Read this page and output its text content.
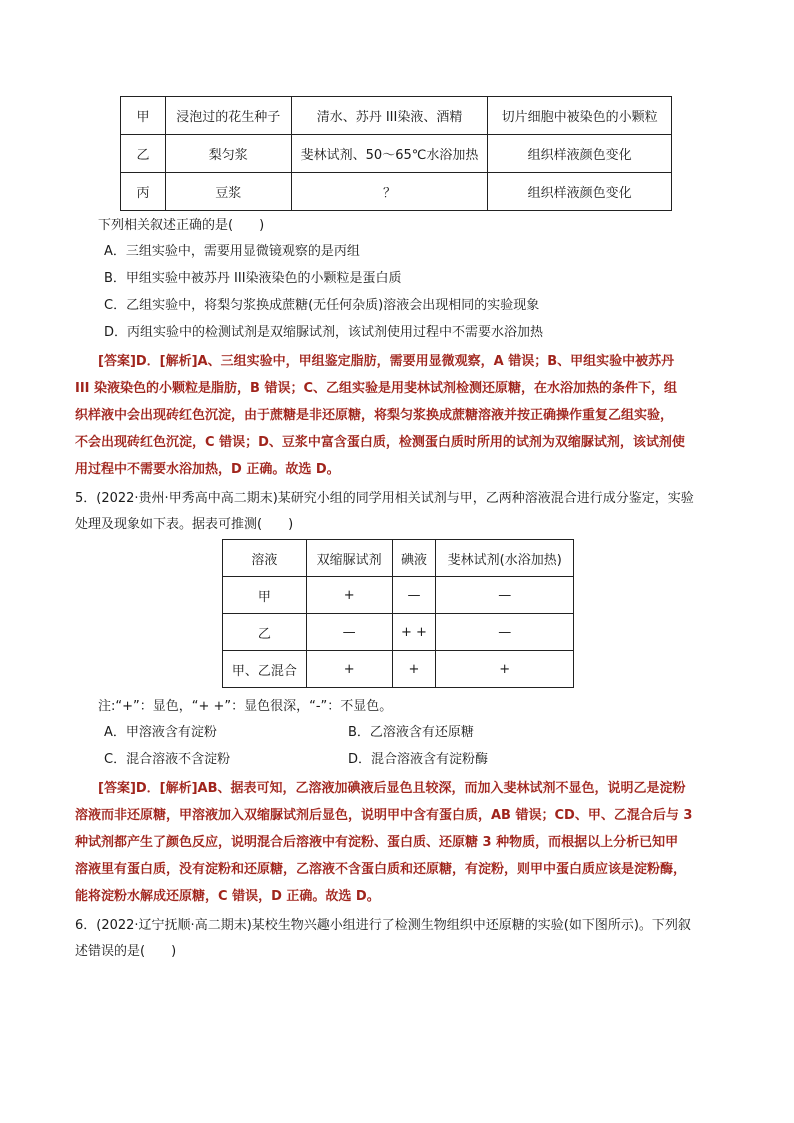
甲	浸泡过的花生种子	清水、苏丹 III染液、酒精	切片细胞中被染色的小颗粒
乙	梨匀浆	斐林试剂、50～65℃水浴加热	组织样液颜色变化
丙	豆浆	？	组织样液颜色变化
下列相关叙述正确的是(　　)
A．三组实验中，需要用显微镜观察的是丙组
B．甲组实验中被苏丹 III染液染色的小颗粒是蛋白质
C．乙组实验中，将梨匀浆换成蔗糖(无任何杂质)溶液会出现相同的实验现象
D．丙组实验中的检测试剂是双缩脲试剂，该试剂使用过程中不需要水浴加热
[答案]D．[解析]A、三组实验中，甲组鉴定脂肪，需要用显微观察，A 错误；B、甲组实验中被苏丹
III 染液染色的小颗粒是脂肪，B 错误；C、乙组实验是用斐林试剂检测还原糖，在水浴加热的条件下，组
织样液中会出现砖红色沉淀，由于蔗糖是非还原糖，将梨匀浆换成蔗糖溶液并按正确操作重复乙组实验，
不会出现砖红色沉淀，C 错误；D、豆浆中富含蛋白质，检测蛋白质时所用的试剂为双缩脲试剂，该试剂使
用过程中不需要水浴加热，D 正确。故选 D。
5．(2022·贵州·甲秀高中高二期末)某研究小组的同学用相关试剂与甲，乙两种溶液混合进行成分鉴定，实验
处理及现象如下表。据表可推测(　　)
溶液	双缩脲试剂	碘液	斐林试剂(水浴加热)
甲	+	—	—
乙	—	+ +	—
甲、乙混合	+	+	+
注:“+”：显色，“+ +”：显色很深，“-”：不显色。
A．甲溶液含有淀粉	B．乙溶液含有还原糖
C．混合溶液不含淀粉	D．混合溶液含有淀粉酶
[答案]D．[解析]AB、据表可知，乙溶液加碘液后显色且较深，而加入斐林试剂不显色，说明乙是淀粉
溶液而非还原糖，甲溶液加入双缩脲试剂后显色，说明甲中含有蛋白质，AB 错误；CD、甲、乙混合后与 3
种试剂都产生了颜色反应，说明混合后溶液中有淀粉、蛋白质、还原糖 3 种物质，而根据以上分析已知甲
溶液里有蛋白质，没有淀粉和还原糖，乙溶液不含蛋白质和还原糖，有淀粉，则甲中蛋白质应该是淀粉酶，
能将淀粉水解成还原糖，C 错误，D 正确。故选 D。
6．(2022·辽宁抚顺·高二期末)某校生物兴趣小组进行了检测生物组织中还原糖的实验(如下图所示)。下列叙
述错误的是(　　)
